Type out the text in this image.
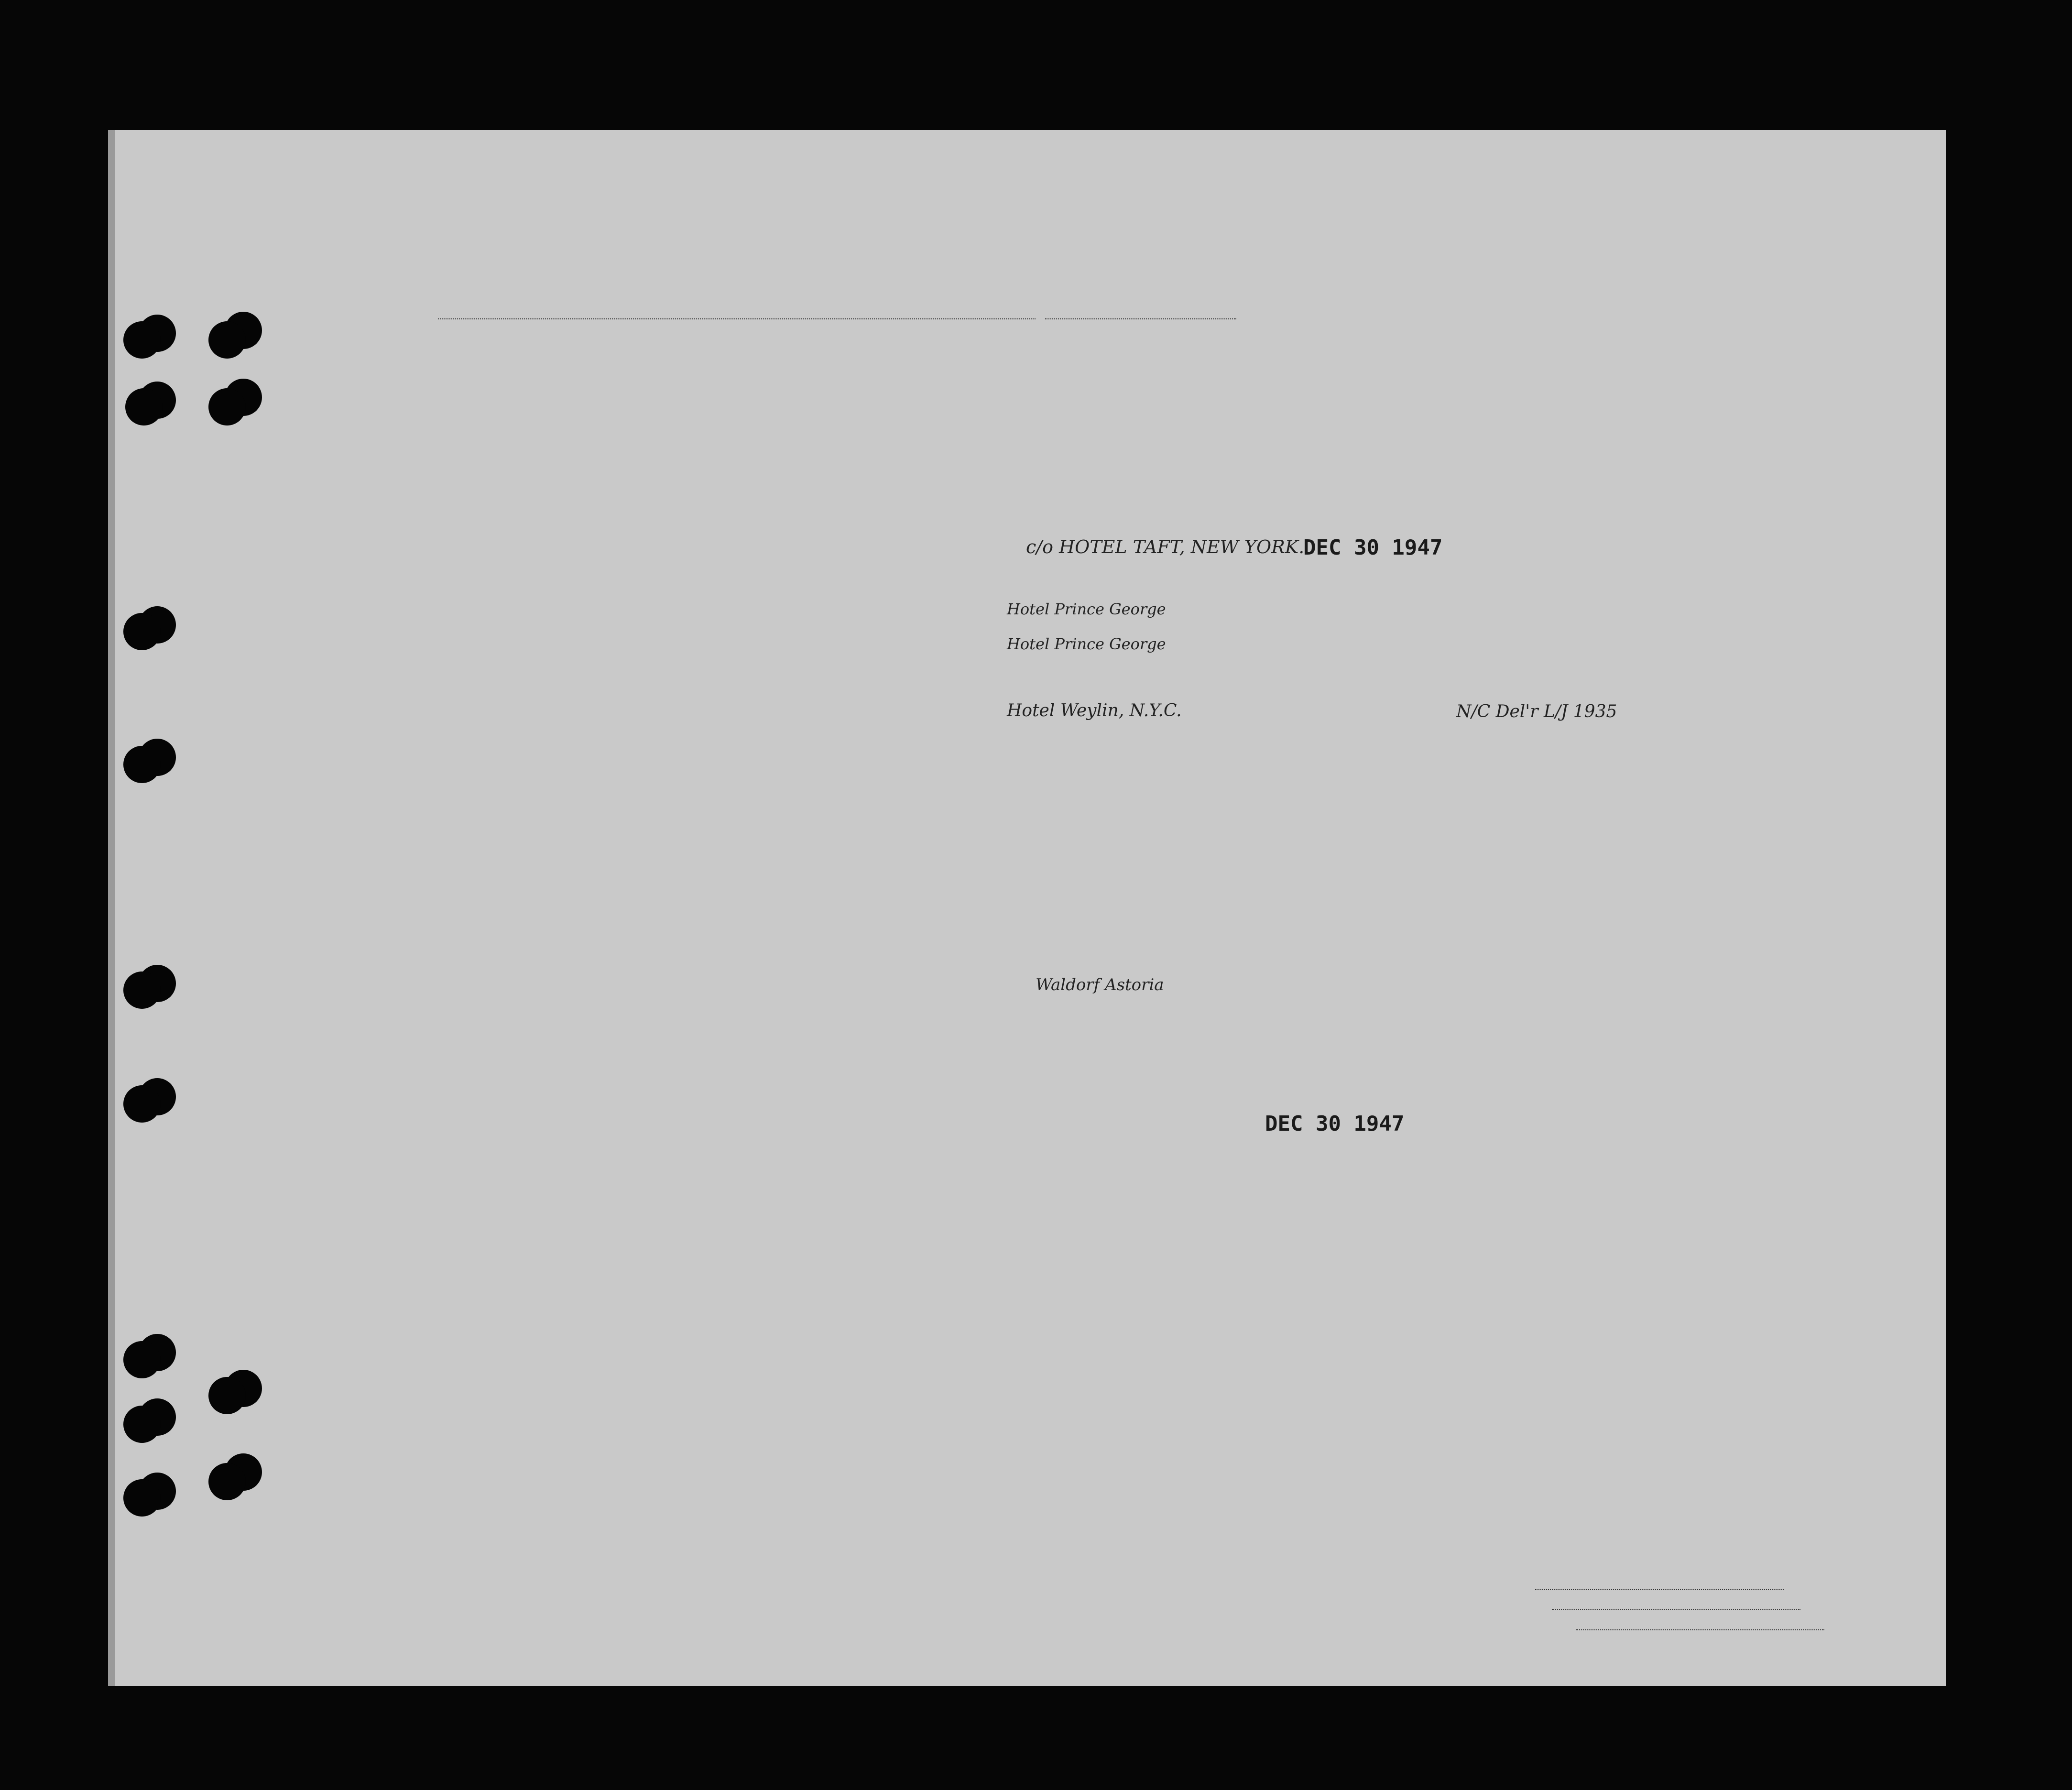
c/o HOTEL TAFT, NEW YORK.
Hotel Prince George
Hotel Prince George
Hotel Weylin, N.Y.C.	N/C Del'r L/J 1935
Waldorf Astoria
DEC 30 1947
DEC 30 1947
